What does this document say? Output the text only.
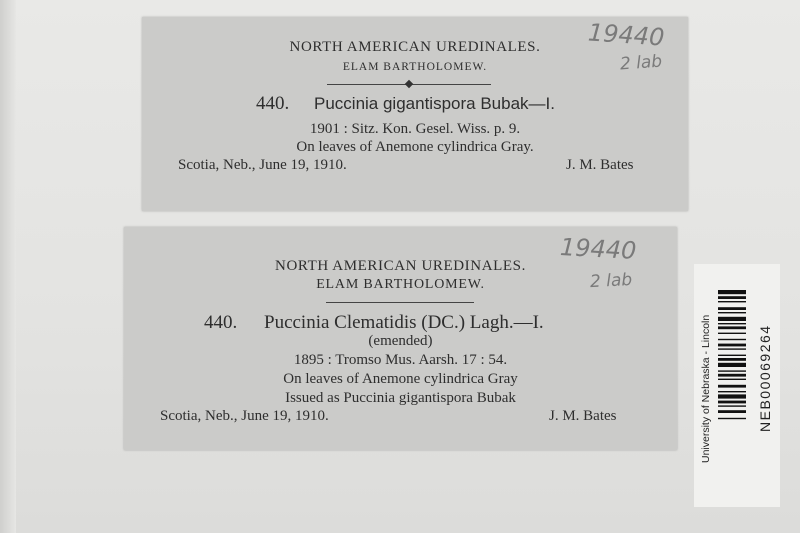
NORTH AMERICAN UREDINALES.
ELAM BARTHOLOMEW.
440. Puccinia gigantispora Bubak—I.
1901 : Sitz. Kon. Gesel. Wiss. p. 9.
On leaves of Anemone cylindrica Gray.
Scotia, Neb., June 19, 1910.	J. M. Bates
19440
2 lab
NORTH AMERICAN UREDINALES.
ELAM BARTHOLOMEW.
440. Puccinia Clematidis (DC.) Lagh.—I.
(emended)
1895 : Tromso Mus. Aarsh. 17 : 54.
On leaves of Anemone cylindrica Gray
Issued as Puccinia gigantispora Bubak
Scotia, Neb., June 19, 1910.	J. M. Bates
19440
2 lab
University of Nebraska - Lincoln	NEB00069264
